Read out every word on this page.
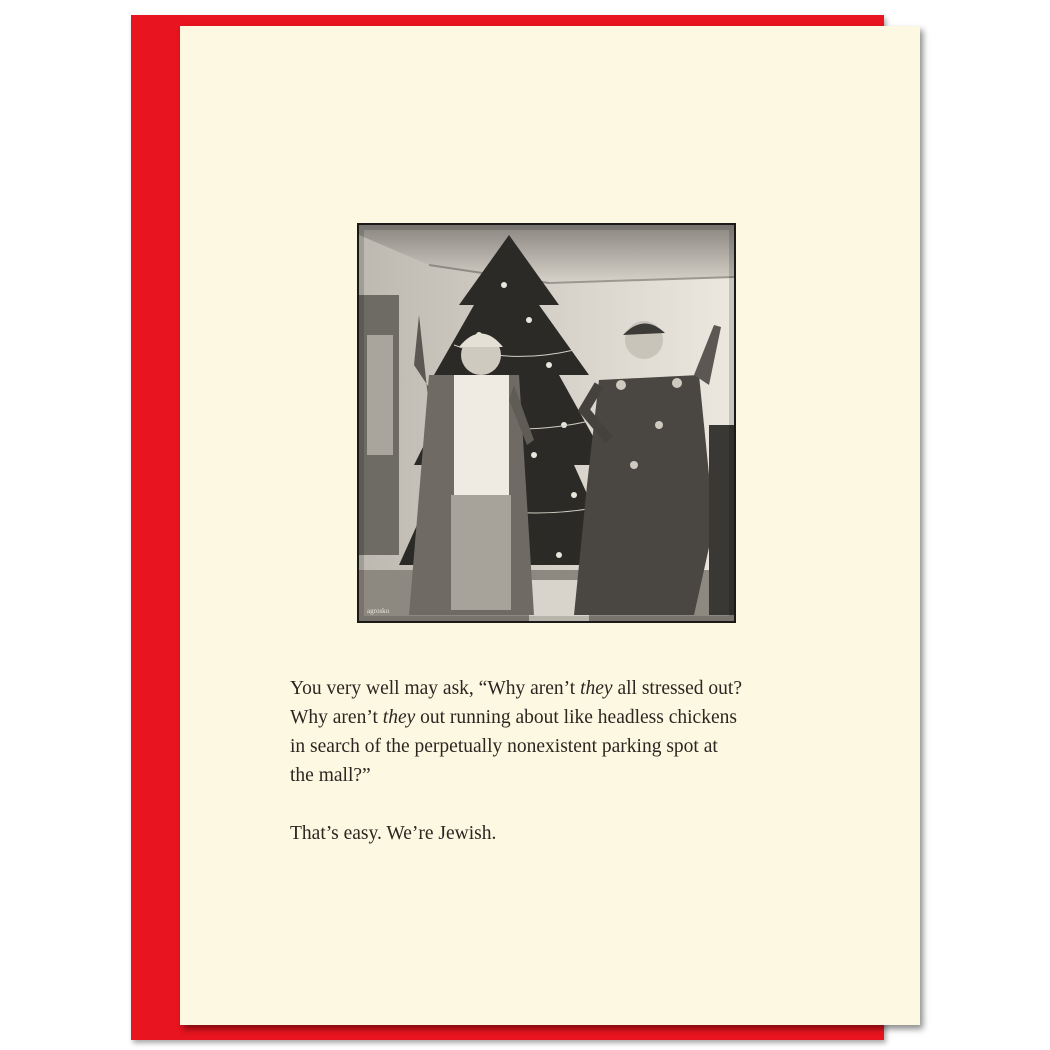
agrosko

You very well may ask, “Why aren’t they all stressed out?

Why aren’t they out running about like headless chickens

in search of the perpetually nonexistent parking spot at

the mall?”

That’s easy. We’re Jewish.
